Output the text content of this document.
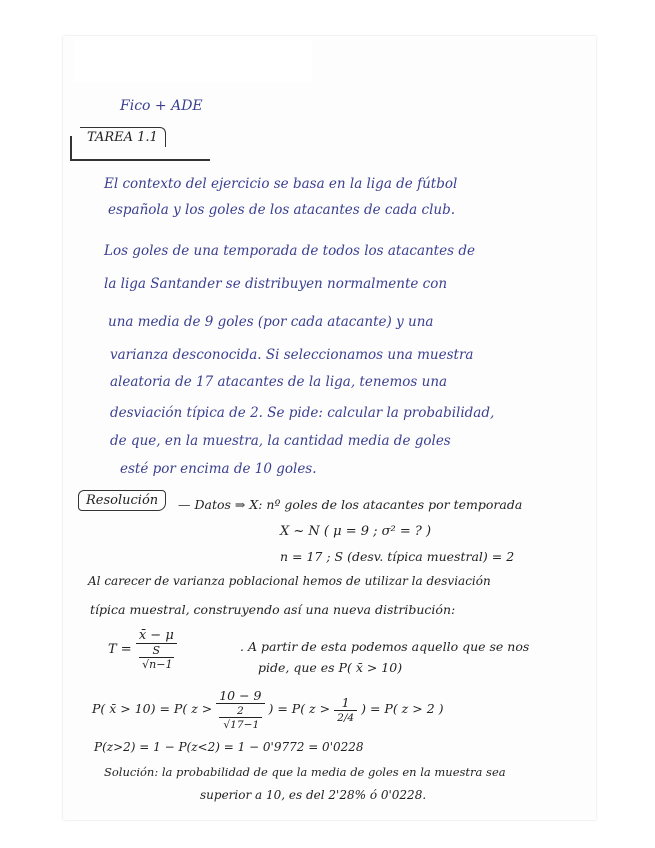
Fico + ADE
TAREA 1.1
El contexto del ejercicio se basa en la liga de fútbol
española y los goles de los atacantes de cada club.
Los goles de una temporada de todos los atacantes de
la liga Santander se distribuyen normalmente con
una media de 9 goles (por cada atacante) y una
varianza desconocida. Si seleccionamos una muestra
aleatoria de 17 atacantes de la liga, tenemos una
desviación típica de 2. Se pide: calcular la probabilidad,
de que, en la muestra, la cantidad media de goles
esté por encima de 10 goles.
Resolución	— Datos ⇒ X: nº goles de los atacantes por temporada
X ~ N ( μ = 9 ; σ² = ? )
n = 17 ; S (desv. típica muestral) = 2
Al carecer de varianza poblacional hemos de utilizar la desviación
típica muestral, construyendo así una nueva distribución:
T = x̄ − μ
S
√n−1	. A partir de esta podemos aquello que se nos
pide, que es P( x̄ > 10)
P( x̄ > 10) = P( z > 10 − 9
2
√17−1 ) = P( $z > \frac{1}{2/4}$ ) = P( z > 2 )
P(z>2) = 1 − P(z<2) = 1 − 0'9772 = 0'0228
Solución: la probabilidad de que la media de goles en la muestra sea
superior a 10, es del 2'28% ó 0'0228.
